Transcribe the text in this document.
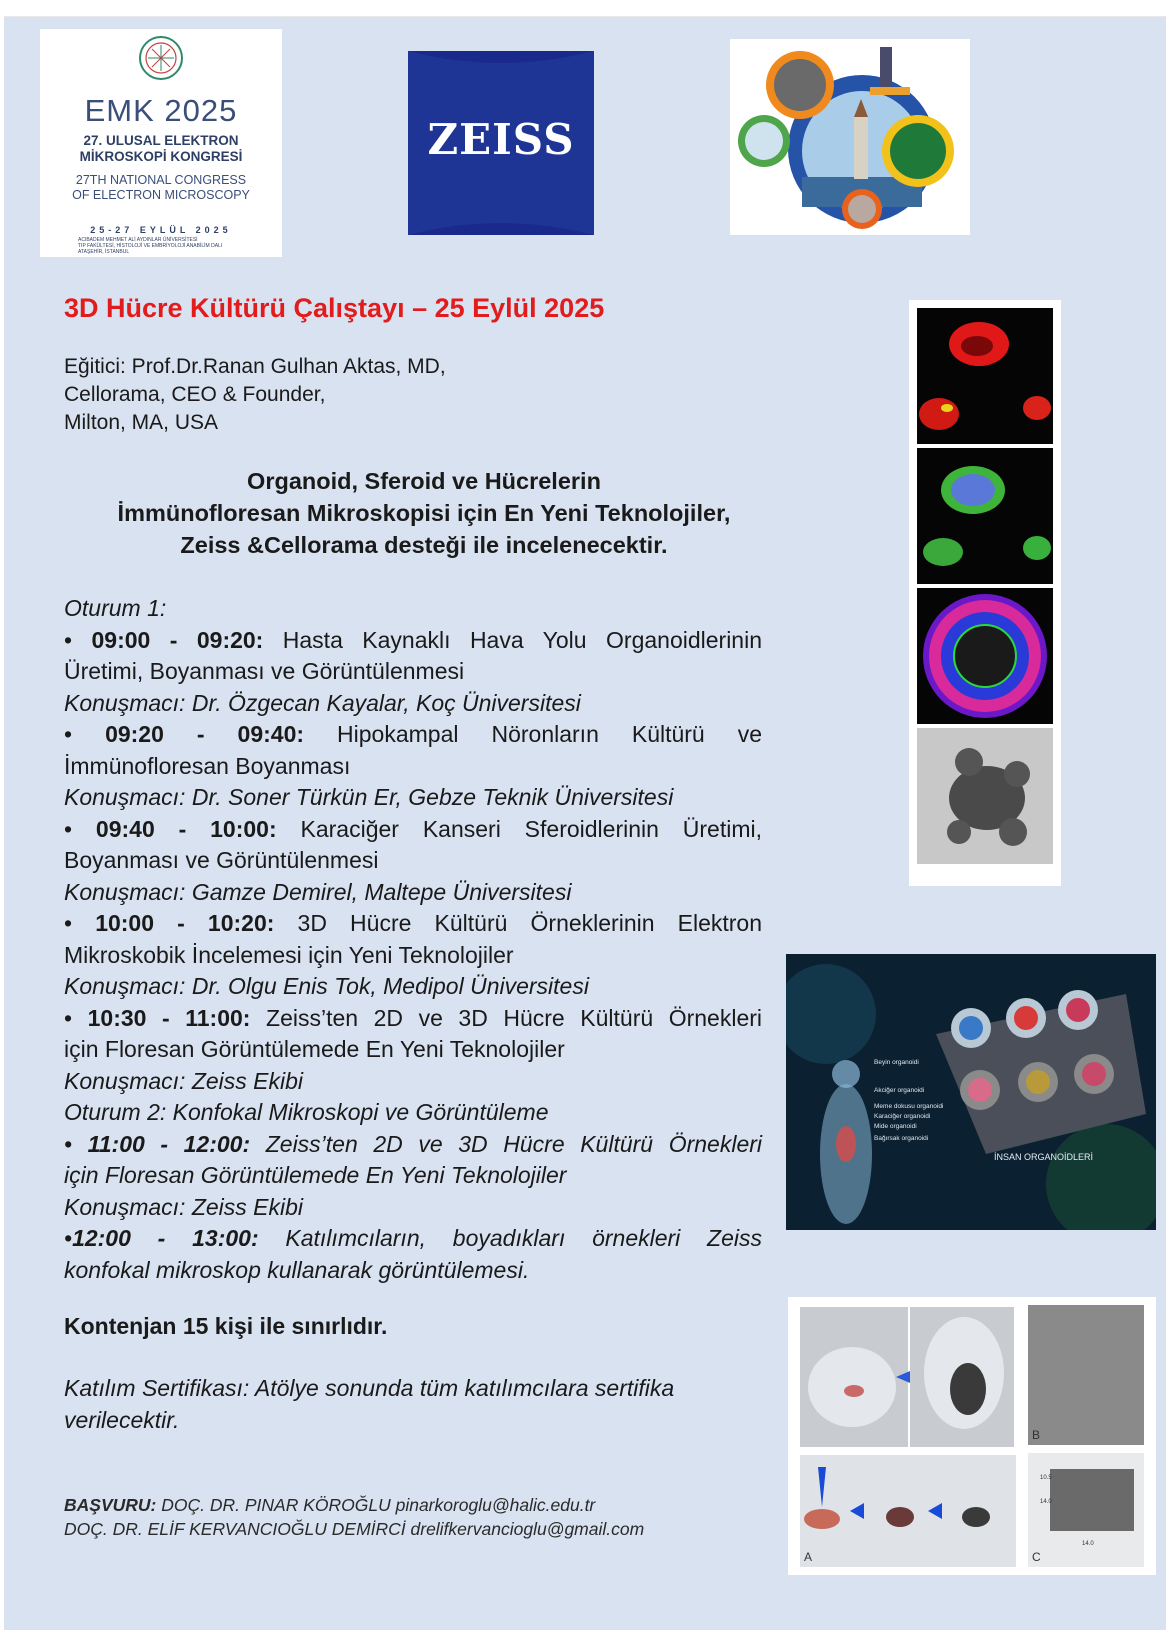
EMK 2025
27. ULUSAL ELEKTRON
MİKROSKOPİ KONGRESİ
27TH NATIONAL CONGRESS
OF ELECTRON MICROSCOPY
25-27 EYLÜL 2025
ACIBADEM MEHMET ALİ AYDINLAR ÜNİVERSİTESİ
TIP FAKÜLTESİ, HİSTOLOJİ VE EMBRİYOLOJİ ANABİLİM DALI
ATAŞEHİR, İSTANBUL
ZEISS
3D Hücre Kültürü Çalıştayı – 25 Eylül 2025
Eğitici: Prof.Dr.Ranan Gulhan Aktas, MD,
Cellorama, CEO & Founder,
Milton, MA, USA
Organoid, Sferoid ve Hücrelerin
İmmünofloresan Mikroskopisi için En Yeni Teknolojiler,
Zeiss &Cellorama desteği ile incelenecektir.
Oturum 1:
• 09:00 - 09:20: Hasta Kaynaklı Hava Yolu Organoidlerinin
Üretimi, Boyanması ve Görüntülenmesi
Konuşmacı: Dr. Özgecan Kayalar, Koç Üniversitesi
• 09:20 - 09:40: Hipokampal Nöronların Kültürü ve
İmmünofloresan Boyanması
Konuşmacı: Dr. Soner Türkün Er, Gebze Teknik Üniversitesi
• 09:40 - 10:00: Karaciğer Kanseri Sferoidlerinin Üretimi,
Boyanması ve Görüntülenmesi
Konuşmacı: Gamze Demirel, Maltepe Üniversitesi
• 10:00 - 10:20: 3D Hücre Kültürü Örneklerinin Elektron
Mikroskobik İncelemesi için Yeni Teknolojiler
Konuşmacı: Dr. Olgu Enis Tok, Medipol Üniversitesi
• 10:30 - 11:00: Zeiss’ten 2D ve 3D Hücre Kültürü Örnekleri
için Floresan Görüntülemede En Yeni Teknolojiler
Konuşmacı: Zeiss Ekibi
Oturum 2: Konfokal Mikroskopi ve Görüntüleme
• 11:00 - 12:00: Zeiss’ten 2D ve 3D Hücre Kültürü Örnekleri
için Floresan Görüntülemede En Yeni Teknolojiler
Konuşmacı: Zeiss Ekibi
•12:00 - 13:00: Katılımcıların, boyadıkları örnekleri Zeiss
konfokal mikroskop kullanarak görüntülemesi.
Kontenjan 15 kişi ile sınırlıdır.
Katılım Sertifikası: Atölye sonunda tüm katılımcılara sertifika
verilecektir.
BAŞVURU: DOÇ. DR. PINAR KÖROĞLU pinarkoroglu@halic.edu.tr
DOÇ. DR. ELİF KERVANCIOĞLU DEMİRCİ drelifkervancioglu@gmail.com
Beyin organoidi
Akciğer organoidi
Meme dokusu organoidi
Karaciğer organoidi
Mide organoidi
Bağırsak organoidi
İNSAN ORGANOİDLERİ
B
A
14.0
14.0
10.5
C
